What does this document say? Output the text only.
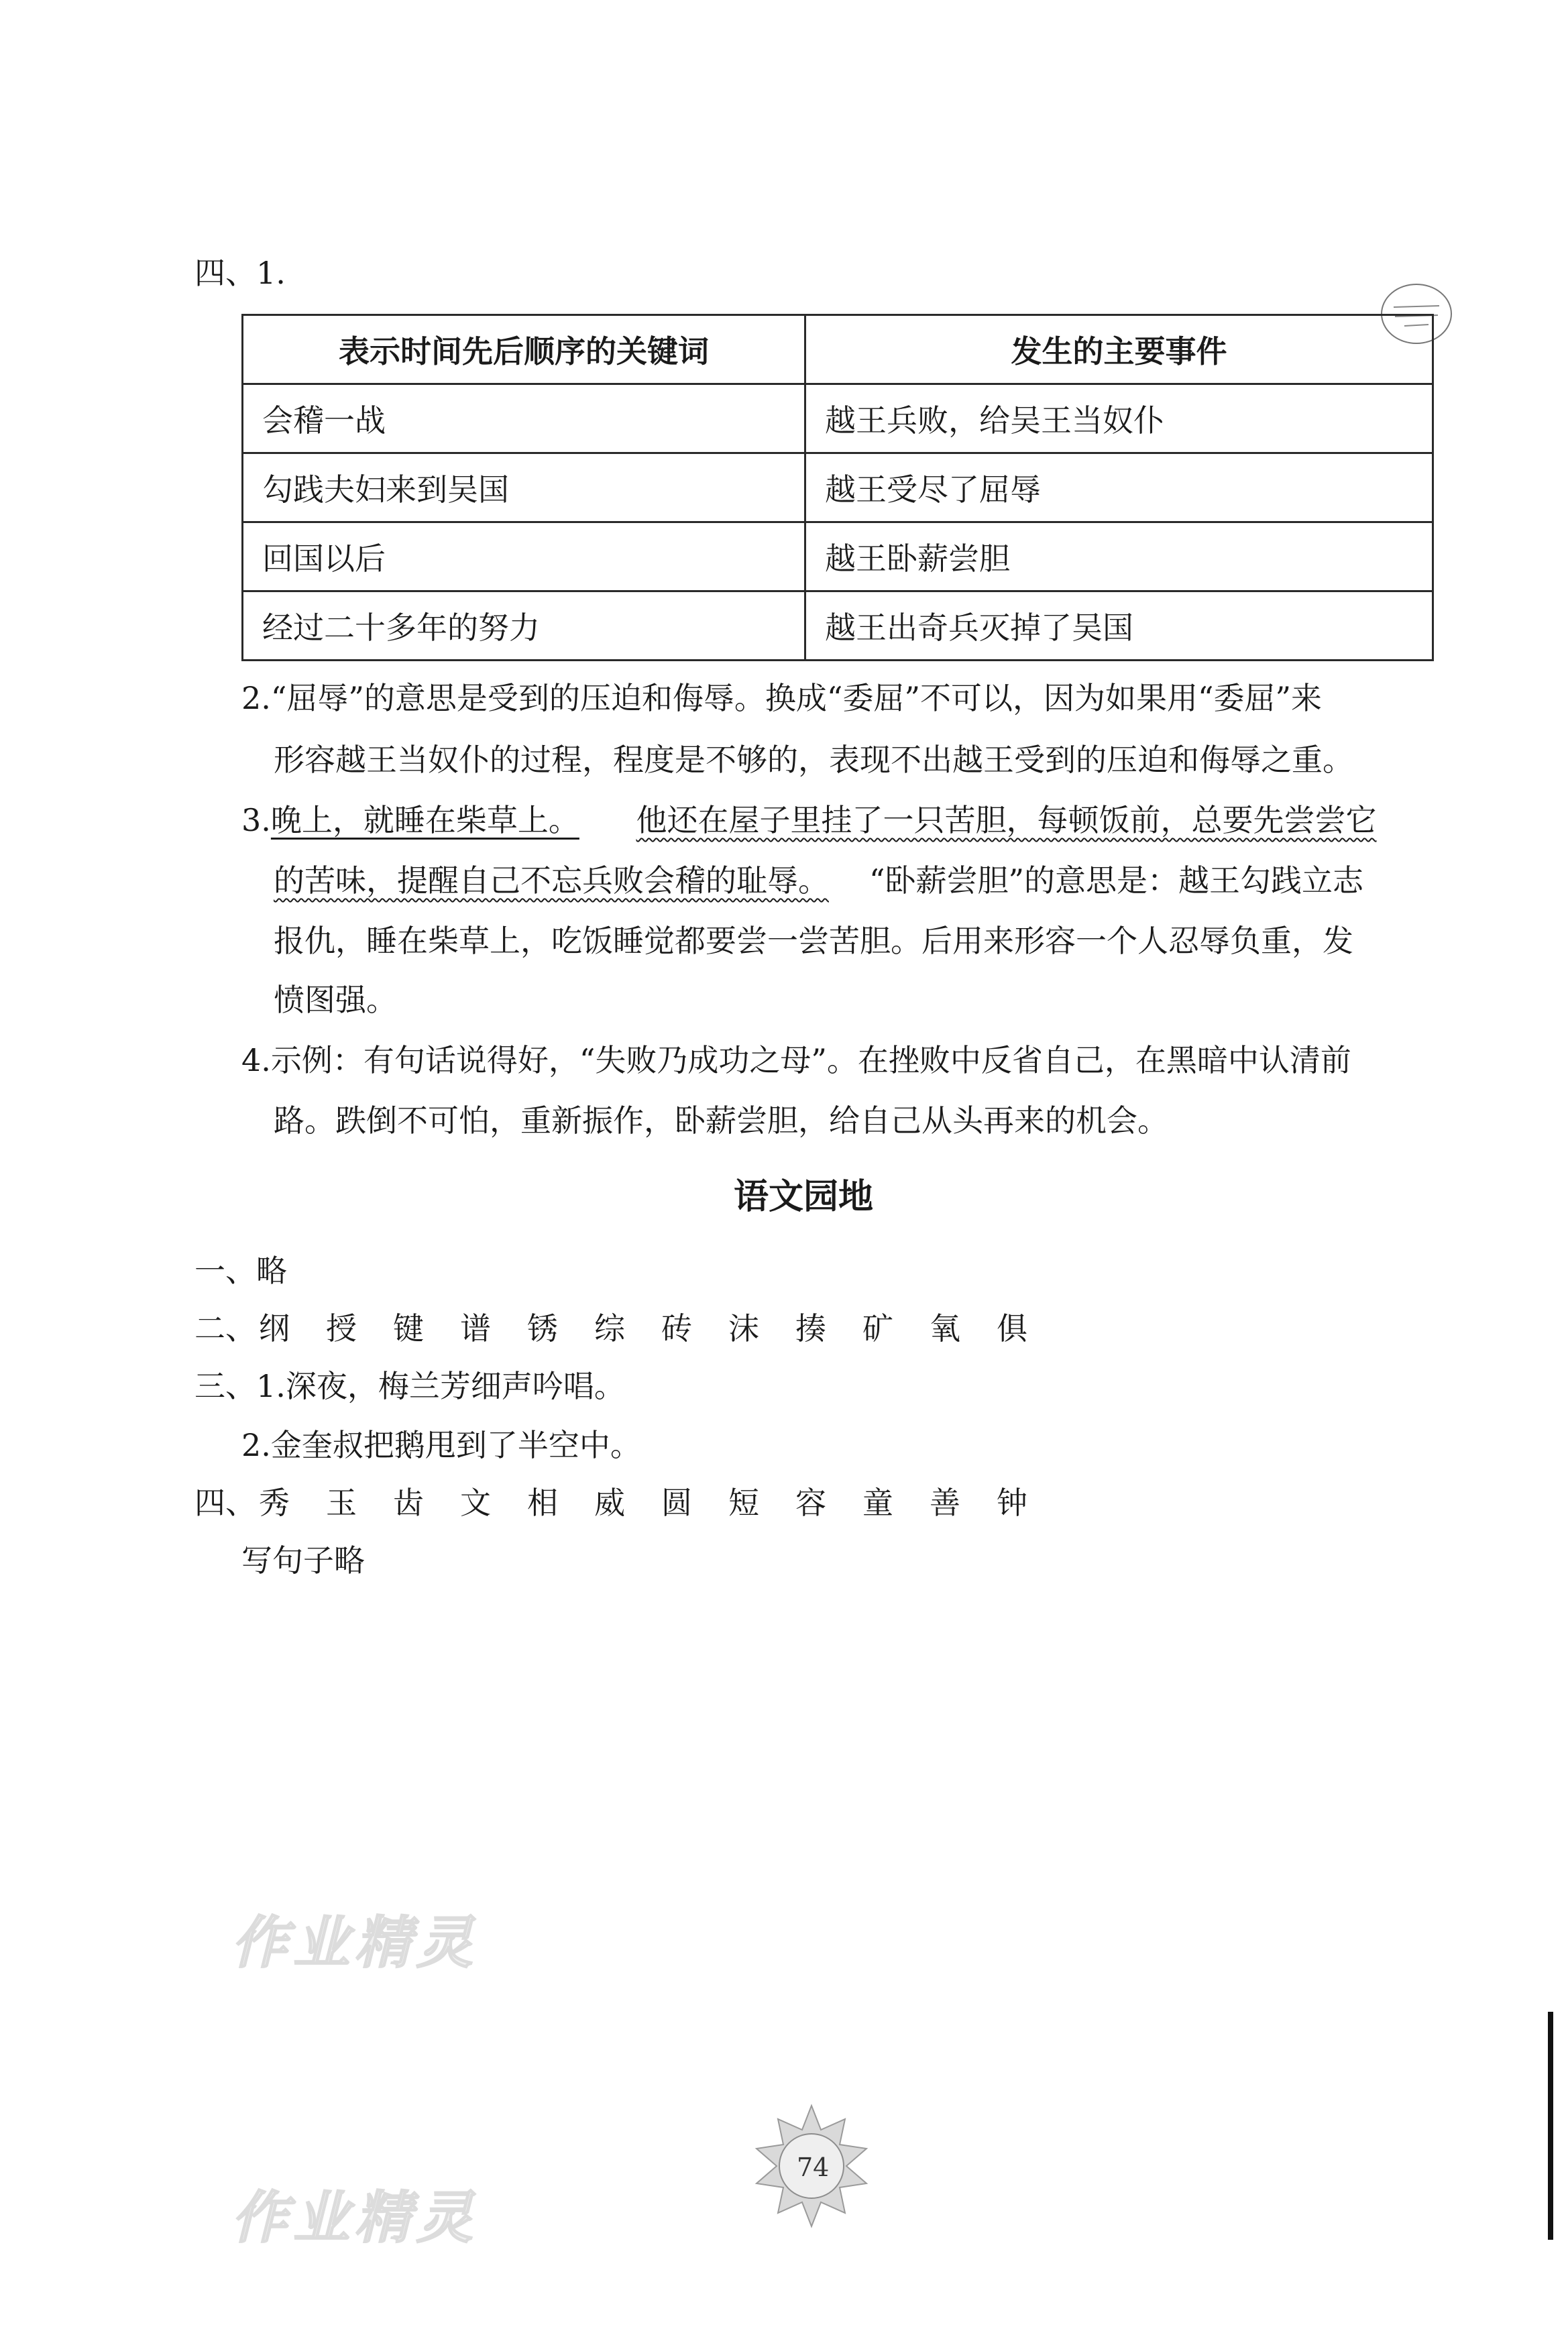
四、1.
表示时间先后顺序的关键词	发生的主要事件
会稽一战	越王兵败，给吴王当奴仆
勾践夫妇来到吴国	越王受尽了屈辱
回国以后	越王卧薪尝胆
经过二十多年的努力	越王出奇兵灭掉了吴国
2.“屈辱”的意思是受到的压迫和侮辱。换成“委屈”不可以，因为如果用“委屈”来
形容越王当奴仆的过程，程度是不够的，表现不出越王受到的压迫和侮辱之重。
3.晚上，就睡在柴草上。 他还在屋子里挂了一只苦胆，每顿饭前，总要先尝尝它
的苦味，提醒自己不忘兵败会稽的耻辱。 “卧薪尝胆”的意思是：越王勾践立志
报仇，睡在柴草上，吃饭睡觉都要尝一尝苦胆。后用来形容一个人忍辱负重，发
愤图强。
4.示例：有句话说得好，“失败乃成功之母”。在挫败中反省自己，在黑暗中认清前
路。跌倒不可怕，重新振作，卧薪尝胆，给自己从头再来的机会。
语文园地
一、略
二、纲 授 键 谱 锈 综 砖 沫 揍 矿 氧 俱
三、1.深夜，梅兰芳细声吟唱。
2.金奎叔把鹅甩到了半空中。
四、秀 玉 齿 文 相 威 圆 短 容 童 善 钟
写句子略
作业精灵
作业精灵
74
